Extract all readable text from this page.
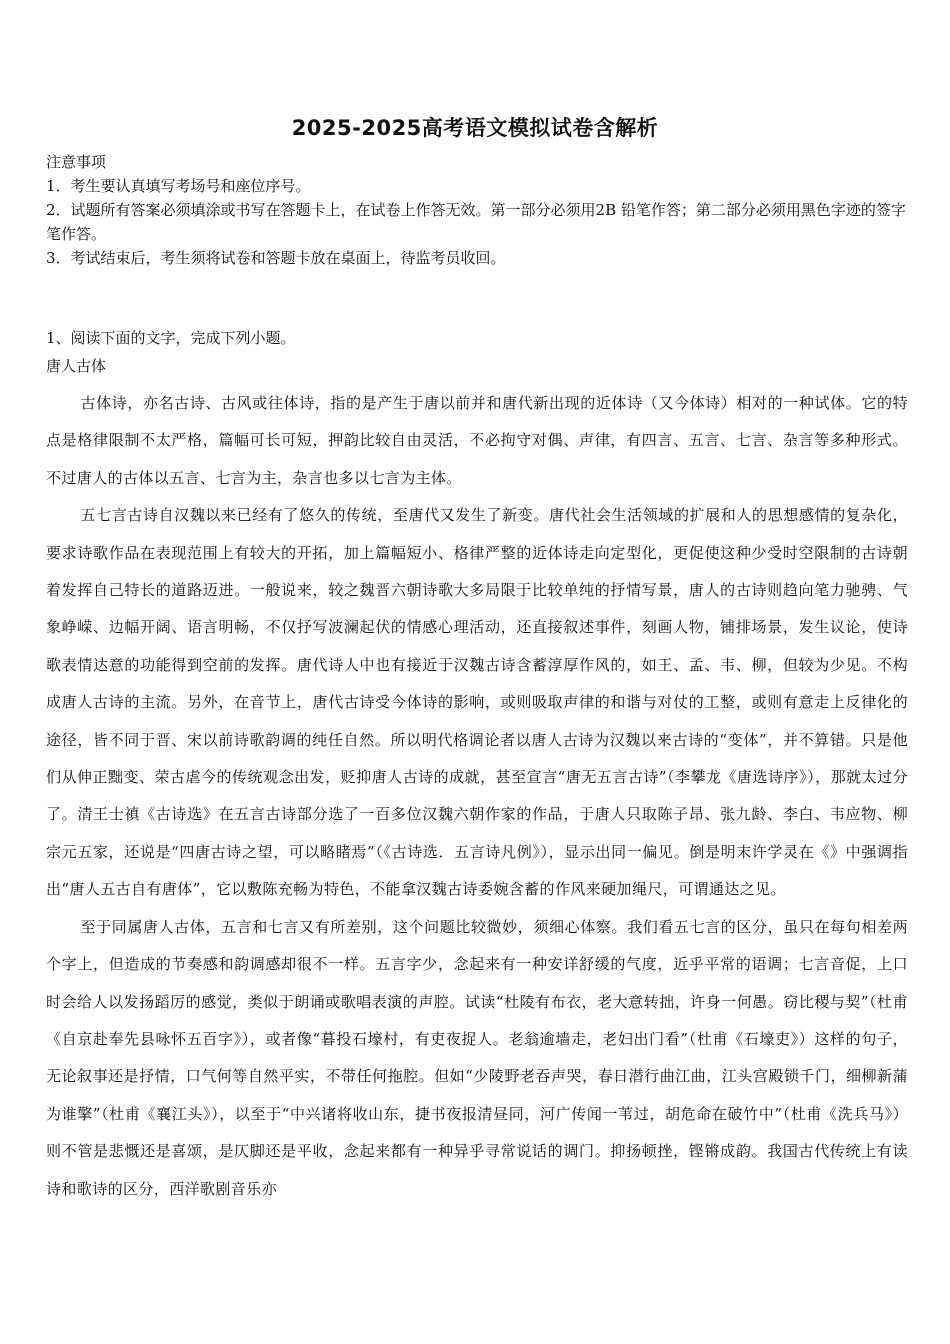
2025-2025高考语文模拟试卷含解析
注意事项
1．考生要认真填写考场号和座位序号。
2．试题所有答案必须填涂或书写在答题卡上，在试卷上作答无效。第一部分必须用2B 铅笔作答；第二部分必须用黑色字迹的签字笔作答。
3．考试结束后，考生须将试卷和答题卡放在桌面上，待监考员收回。
1、阅读下面的文字，完成下列小题。
唐人古体

古体诗，亦名古诗、古风或往体诗，指的是产生于唐以前并和唐代新出现的近体诗（又今体诗）相对的一种试体。它的特点是格律限制不太严格，篇幅可长可短，押韵比较自由灵活，不必拘守对偶、声律，有四言、五言、七言、杂言等多种形式。不过唐人的古体以五言、七言为主，杂言也多以七言为主体。

五七言古诗自汉魏以来已经有了悠久的传统，至唐代又发生了新变。唐代社会生活领域的扩展和人的思想感情的复杂化，要求诗歌作品在表现范围上有较大的开拓，加上篇幅短小、格律严整的近体诗走向定型化，更促使这种少受时空限制的古诗朝着发挥自己特长的道路迈进。一般说来，较之魏晋六朝诗歌大多局限于比较单纯的抒情写景，唐人的古诗则趋向笔力驰骋、气象峥嵘、边幅开阔、语言明畅，不仅抒写波澜起伏的情感心理活动，还直接叙述事件，刻画人物，铺排场景，发生议论，使诗歌表情达意的功能得到空前的发挥。唐代诗人中也有接近于汉魏古诗含蓄淳厚作风的，如王、孟、韦、柳，但较为少见。不构成唐人古诗的主流。另外，在音节上，唐代古诗受今体诗的影响，或则吸取声律的和谐与对仗的工整，或则有意走上反律化的途径，皆不同于晋、宋以前诗歌韵调的纯任自然。所以明代格调论者以唐人古诗为汉魏以来古诗的“变体”，并不算错。只是他们从伸正黜变、荣古虐今的传统观念出发，贬抑唐人古诗的成就，甚至宣言“唐无五言古诗”（李攀龙《唐选诗序》），那就太过分了。清王士禛《古诗选》在五言古诗部分选了一百多位汉魏六朝作家的作品，于唐人只取陈子昂、张九龄、李白、韦应物、柳宗元五家，还说是“四唐古诗之望，可以略睹焉”（《古诗选．五言诗凡例》），显示出同一偏见。倒是明末许学灵在《》中强调指出“唐人五古自有唐体”，它以敷陈充畅为特色，不能拿汉魏古诗委婉含蓄的作风来硬加绳尺，可谓通达之见。

至于同属唐人古体，五言和七言又有所差别，这个问题比较微妙，须细心体察。我们看五七言的区分，虽只在每句相差两个字上，但造成的节奏感和韵调感却很不一样。五言字少，念起来有一种安详舒缓的气度，近乎平常的语调；七言音促，上口时会给人以发扬蹈厉的感觉，类似于朗诵或歌唱表演的声腔。试读“杜陵有布衣，老大意转拙，许身一何愚。窃比稷与契”（杜甫《自京赴奉先县咏怀五百字》），或者像“暮投石壕村，有吏夜捉人。老翁逾墙走，老妇出门看”（杜甫《石壕吏》）这样的句子，无论叙事还是抒情，口气何等自然平实，不带任何拖腔。但如“少陵野老吞声哭，春日潜行曲江曲，江头宫殿锁千门，细柳新蒲为谁擎”（杜甫《襄江头》），以至于“中兴诸将收山东，捷书夜报清昼同，河广传闻一苇过，胡危命在破竹中”（杜甫《洗兵马》）则不管是悲慨还是喜颂，是仄脚还是平收，念起来都有一种异乎寻常说话的调门。抑扬顿挫，铿锵成韵。我国古代传统上有读诗和歌诗的区分，西洋歌剧音乐亦
